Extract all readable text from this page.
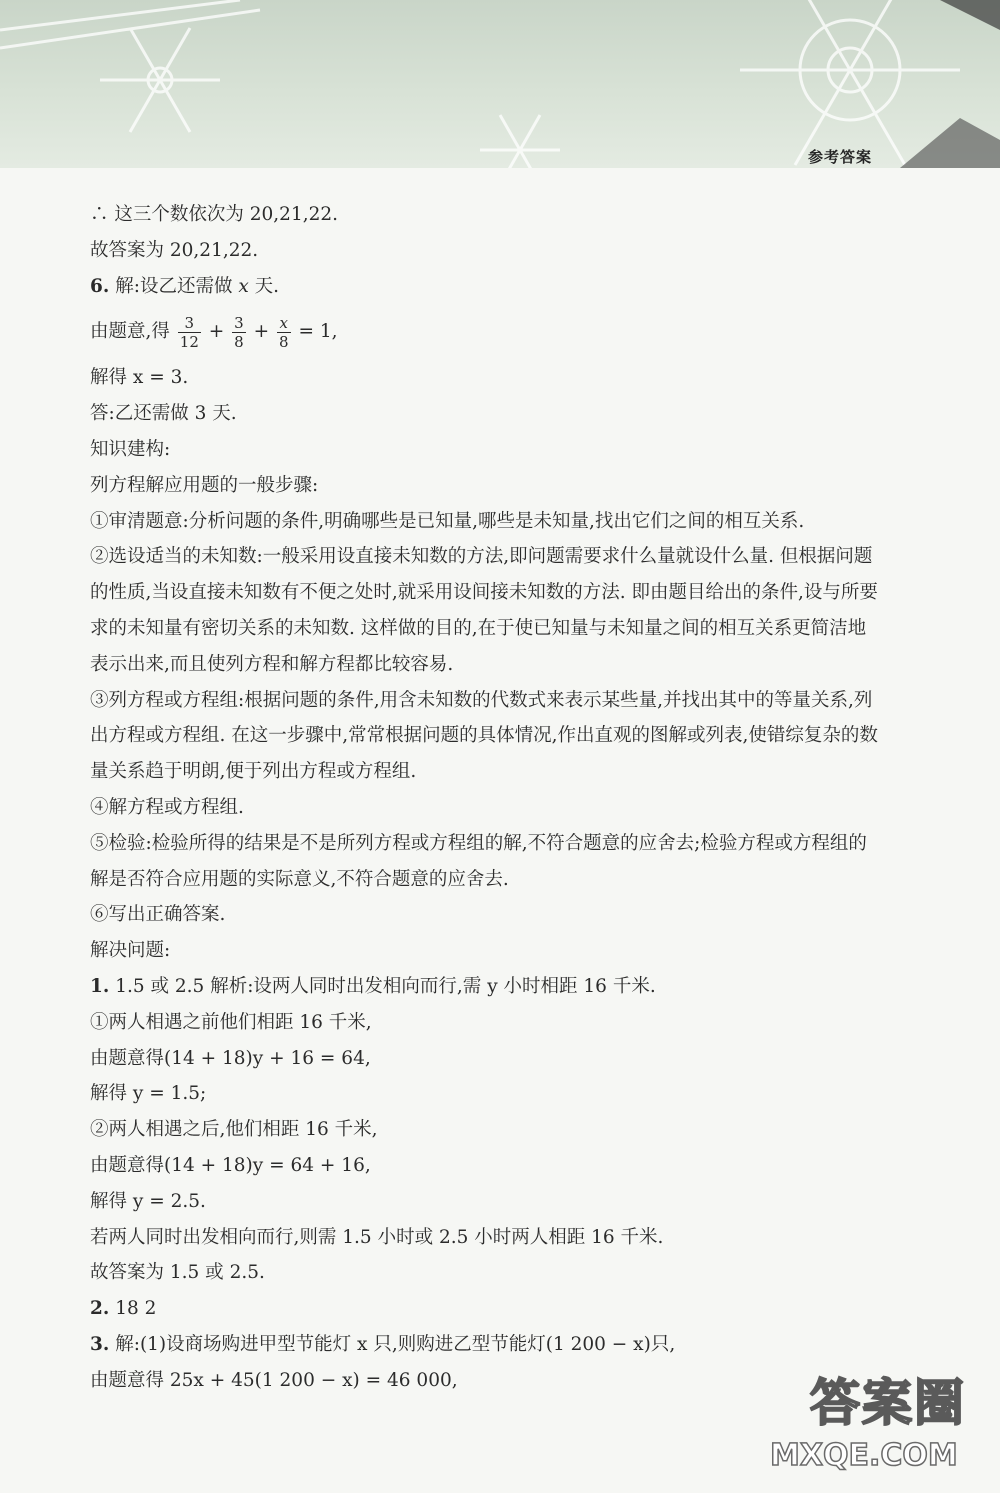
参考答案
∴ 这三个数依次为 20,21,22.
故答案为 20,21,22.
6. 解:设乙还需做 x 天.
由题意,得 $\frac{3}{12} + \frac{3}{8} + \frac{x}{8} = 1$,
解得 x = 3.
答:乙还需做 3 天.
知识建构:
列方程解应用题的一般步骤:
①审清题意:分析问题的条件,明确哪些是已知量,哪些是未知量,找出它们之间的相互关系.
②选设适当的未知数:一般采用设直接未知数的方法,即问题需要求什么量就设什么量. 但根据问题的性质,当设直接未知数有不便之处时,就采用设间接未知数的方法. 即由题目给出的条件,设与所要求的未知量有密切关系的未知数. 这样做的目的,在于使已知量与未知量之间的相互关系更简洁地表示出来,而且使列方程和解方程都比较容易.
③列方程或方程组:根据问题的条件,用含未知数的代数式来表示某些量,并找出其中的等量关系,列出方程或方程组. 在这一步骤中,常常根据问题的具体情况,作出直观的图解或列表,使错综复杂的数量关系趋于明朗,便于列出方程或方程组.
④解方程或方程组.
⑤检验:检验所得的结果是不是所列方程或方程组的解,不符合题意的应舍去;检验方程或方程组的解是否符合应用题的实际意义,不符合题意的应舍去.
⑥写出正确答案.
解决问题:
1. 1.5 或 2.5 解析:设两人同时出发相向而行,需 y 小时相距 16 千米.
①两人相遇之前他们相距 16 千米,
由题意得(14 + 18)y + 16 = 64,
解得 y = 1.5;
②两人相遇之后,他们相距 16 千米,
由题意得(14 + 18)y = 64 + 16,
解得 y = 2.5.
若两人同时出发相向而行,则需 1.5 小时或 2.5 小时两人相距 16 千米.
故答案为 1.5 或 2.5.
2. 18 2
3. 解:(1)设商场购进甲型节能灯 x 只,则购进乙型节能灯(1 200 − x)只,
由题意得 25x + 45(1 200 − x) = 46 000,	答案圈
MXQE.COM
